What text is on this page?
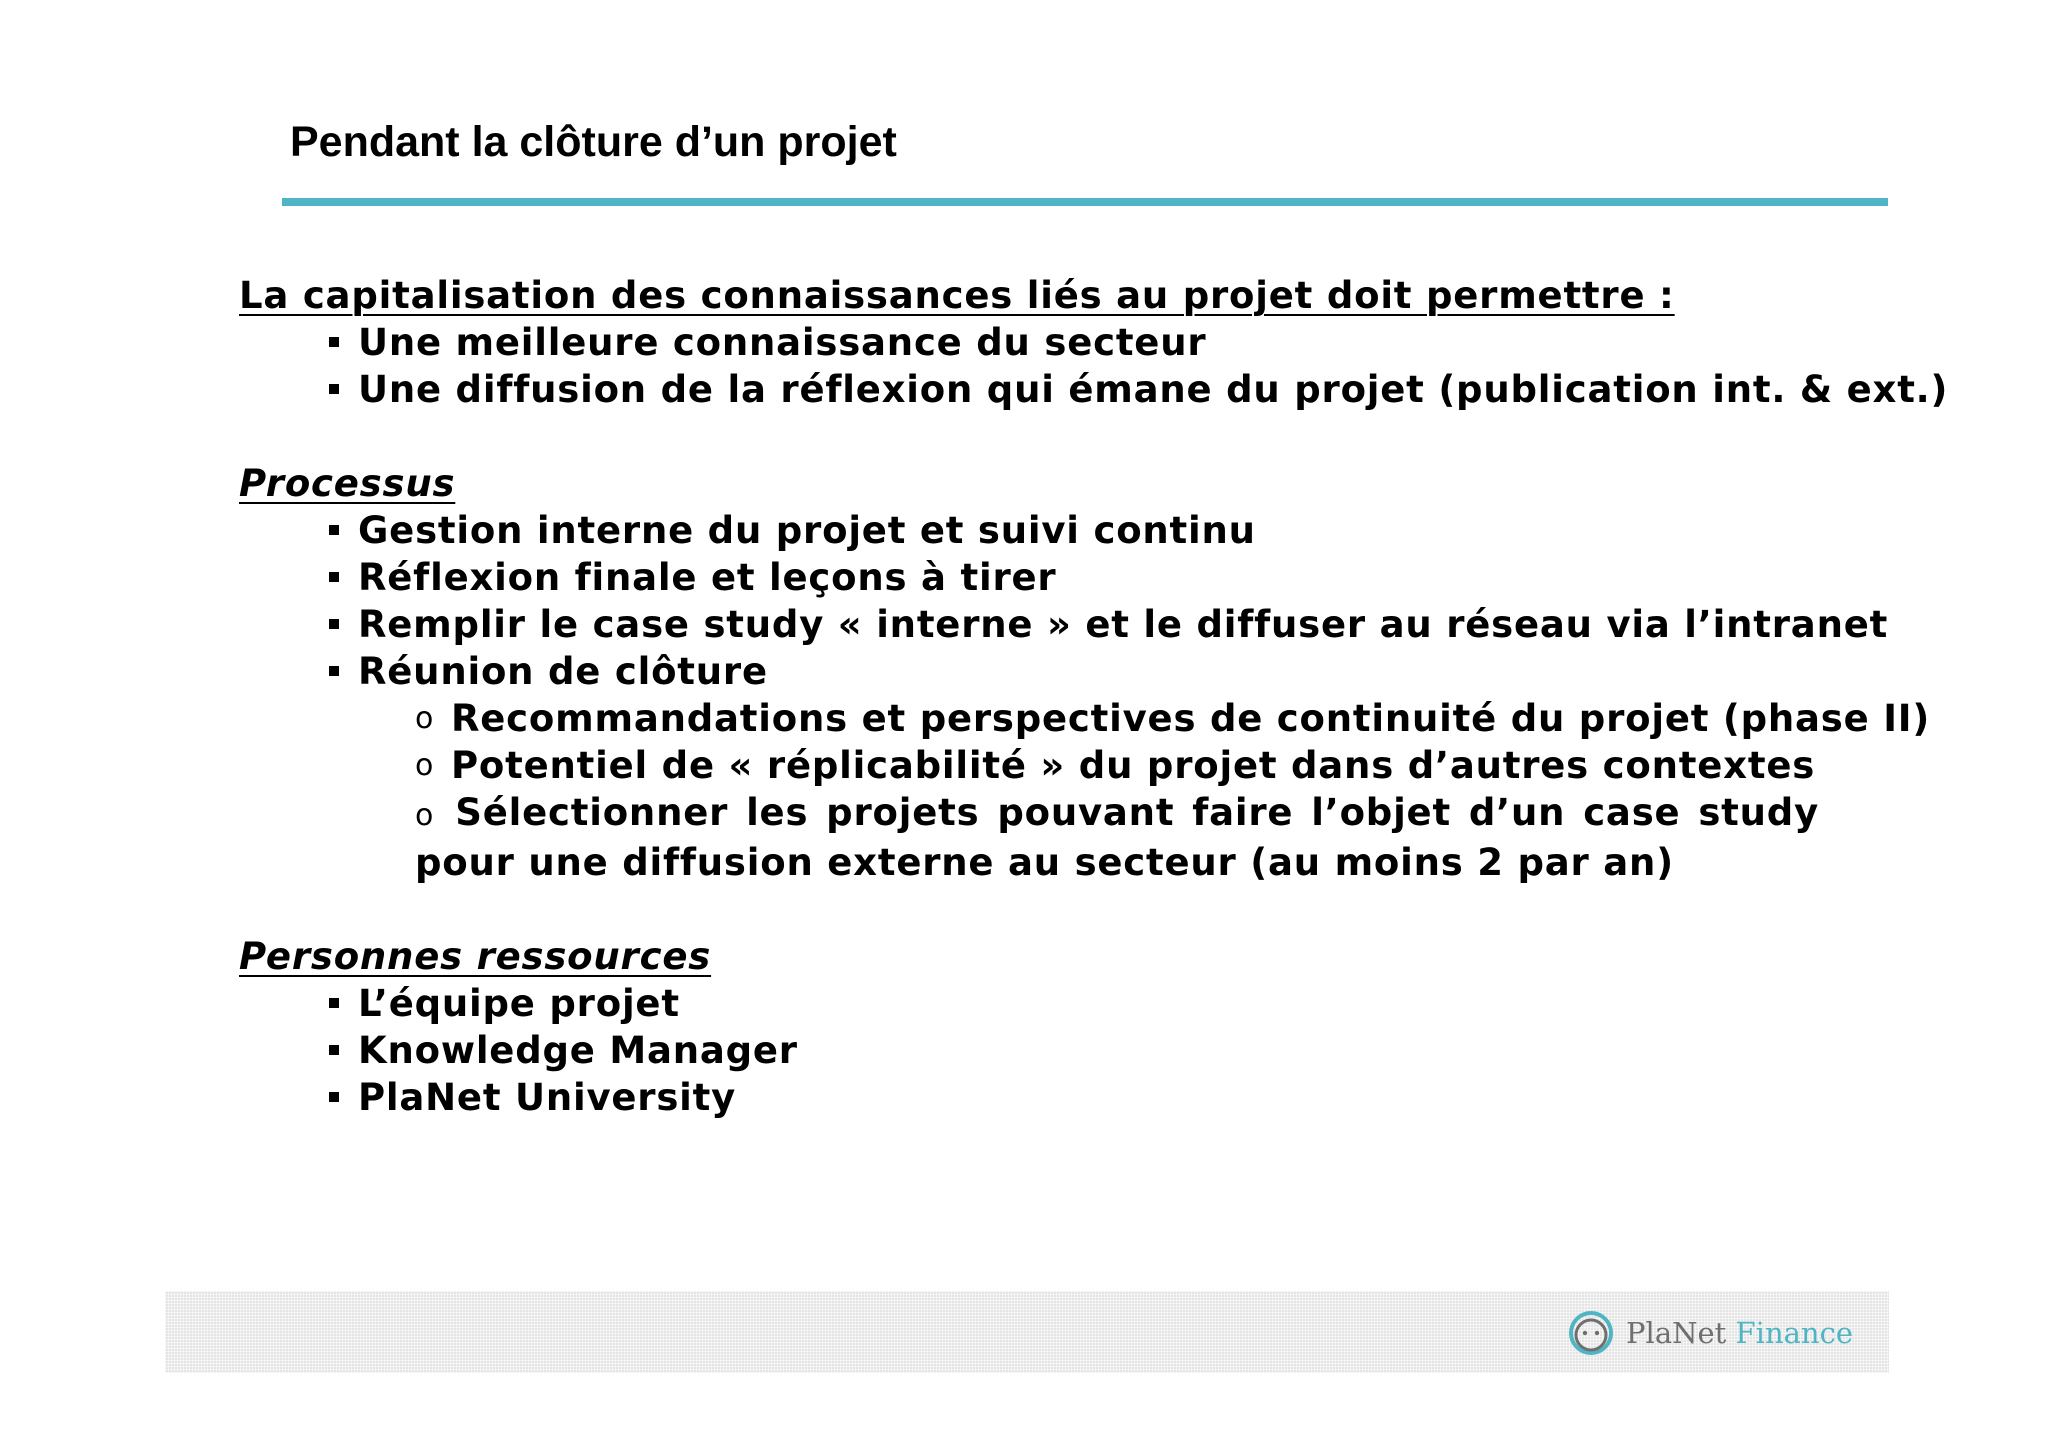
Pendant la clôture d’un projet

La capitalisation des connaissances liés au projet doit permettre :

Une meilleure connaissance du secteur
Une diffusion de la réflexion qui émane du projet (publication int. & ext.)

Processus

Gestion interne du projet et suivi continu
Réflexion finale et leçons à tirer
Remplir le case study « interne » et le diffuser au réseau via l’intranet
Réunion de clôture
o Recommandations et perspectives de continuité du projet (phase II)
o Potentiel de « réplicabilité » du projet dans d’autres contextes
o Sélectionner les projets pouvant faire l’objet d’un case study pour une diffusion externe au secteur (au moins 2 par an)

Personnes ressources

L’équipe projet
Knowledge Manager
PlaNet University
PlaNet Finance
